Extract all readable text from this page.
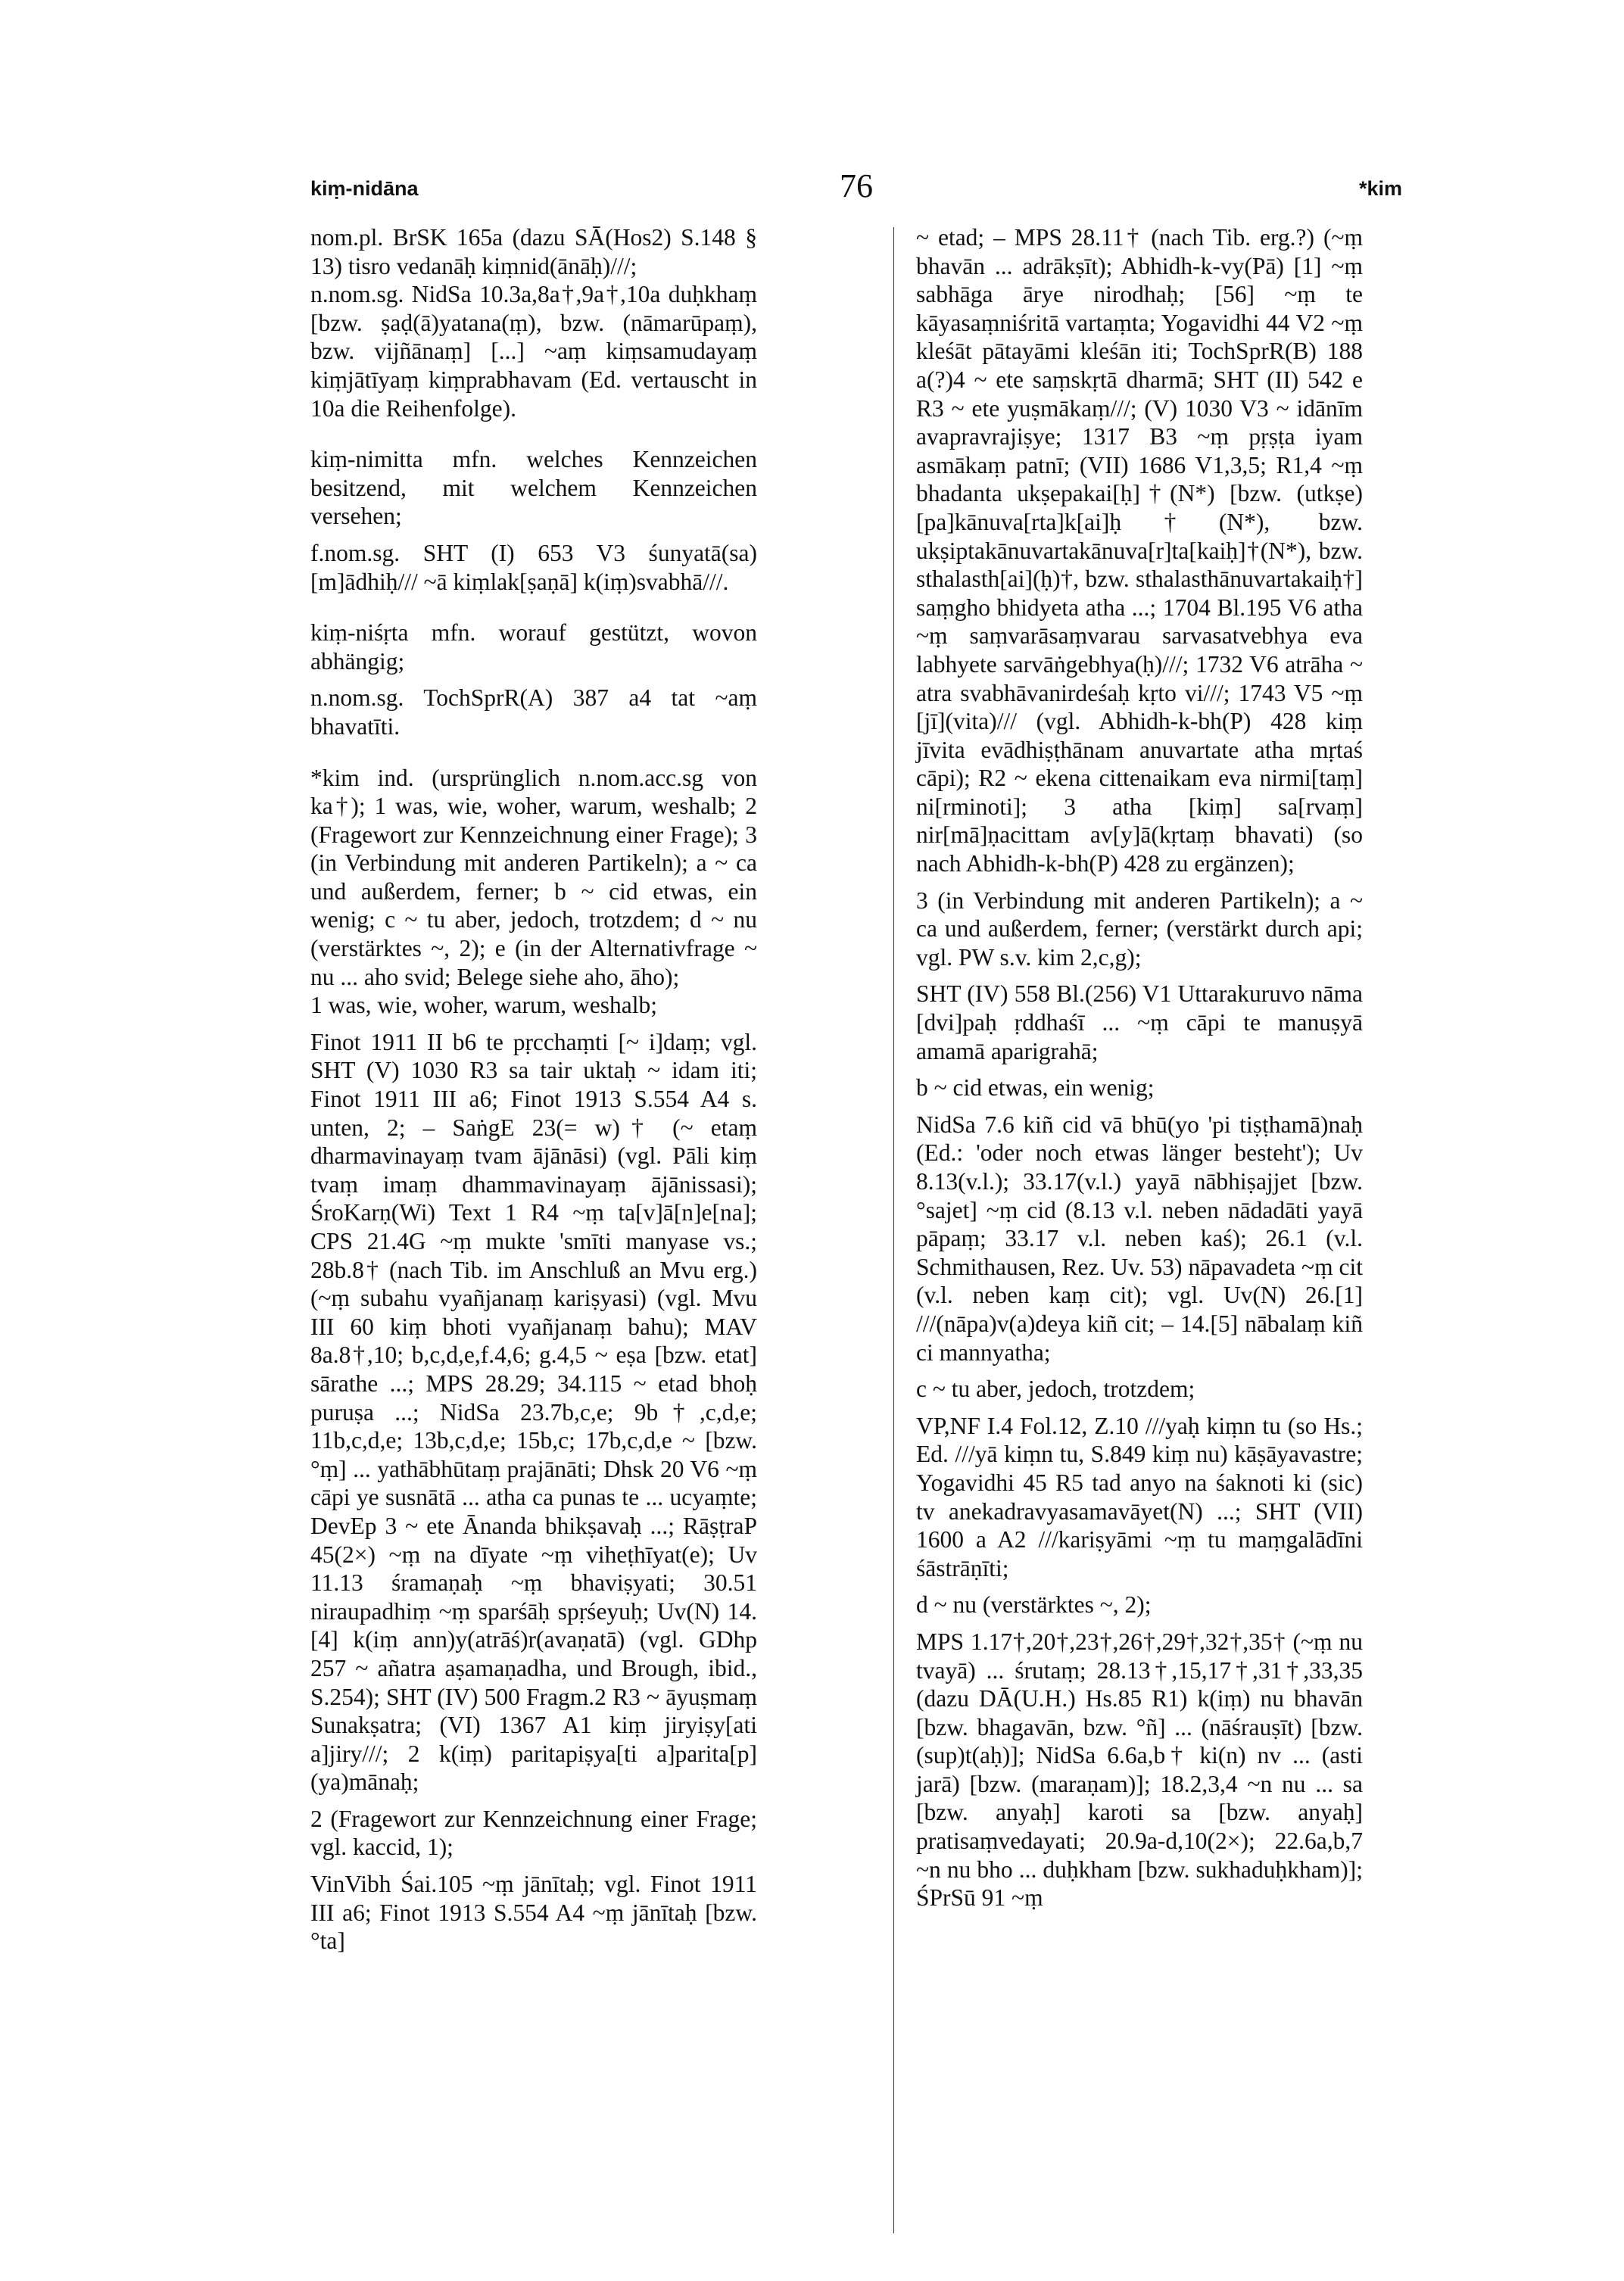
kiṃ-nidāna	76	*kim

nom.pl. BrSK 165a (dazu SĀ(Hos2) S.148 § 13) tisro vedanāḥ kiṃnid(ānāḥ)///;

n.nom.sg. NidSa 10.3a,8a†,9a†,10a duḥkhaṃ [bzw. ṣaḍ(ā)yatana(ṃ), bzw. (nāmarūpaṃ), bzw. vijñānaṃ] [...] ~aṃ kiṃsamudayaṃ kiṃjātīyaṃ kiṃprabhavam (Ed. vertauscht in 10a die Reihenfolge).

kiṃ-nimitta mfn. welches Kennzeichen besitzend, mit welchem Kennzeichen versehen;

f.nom.sg. SHT (I) 653 V3 śunyatā(sa)[m]ādhiḥ/// ~ā kiṃlak[ṣaṇā] k(iṃ)svabhā///.

kiṃ-niśṛta mfn. worauf gestützt, wovon abhängig;

n.nom.sg. TochSprR(A) 387 a4 tat ~aṃ bhavatīti.

*kim ind. (ursprünglich n.nom.acc.sg von ka†); 1 was, wie, woher, warum, weshalb; 2 (Fragewort zur Kennzeichnung einer Frage); 3 (in Verbindung mit anderen Partikeln); a ~ ca und außerdem, ferner; b ~ cid etwas, ein wenig; c ~ tu aber, jedoch, trotzdem; d ~ nu (verstärktes ~, 2); e (in der Alternativfrage ~ nu ... aho svid; Belege siehe aho, āho);

1 was, wie, woher, warum, weshalb;

Finot 1911 II b6 te pṛcchaṃti [~ i]daṃ; vgl. SHT (V) 1030 R3 sa tair uktaḥ ~ idam iti; Finot 1911 III a6; Finot 1913 S.554 A4 s. unten, 2; – SaṅgE 23(= w)† (~ etaṃ dharmavinayaṃ tvam ājānāsi) (vgl. Pāli kiṃ tvaṃ imaṃ dhammavinayaṃ ājānissasi); ŚroKarṇ(Wi) Text 1 R4 ~ṃ ta[v]ā[n]e[na]; CPS 21.4G ~ṃ mukte 'smīti manyase vs.; 28b.8† (nach Tib. im Anschluß an Mvu erg.) (~ṃ subahu vyañjanaṃ kariṣyasi) (vgl. Mvu III 60 kiṃ bhoti vyañjanaṃ bahu); MAV 8a.8†,10; b,c,d,e,f.4,6; g.4,5 ~ eṣa [bzw. etat] sārathe ...; MPS 28.29; 34.115 ~ etad bhoḥ puruṣa ...; NidSa 23.7b,c,e; 9b†,c,d,e; 11b,c,d,e; 13b,c,d,e; 15b,c; 17b,c,d,e ~ [bzw. °ṃ] ... yathābhūtaṃ prajānāti; Dhsk 20 V6 ~ṃ cāpi ye susnātā ... atha ca punas te ... ucyaṃte; DevEp 3 ~ ete Ānanda bhikṣavaḥ ...; RāṣṭraP 45(2×) ~ṃ na dīyate ~ṃ viheṭhīyat(e); Uv 11.13 śramaṇaḥ ~ṃ bhaviṣyati; 30.51 niraupadhiṃ ~ṃ sparśāḥ spṛśeyuḥ; Uv(N) 14.[4] k(iṃ ann)y(atrāś)r(avaṇatā) (vgl. GDhp 257 ~ añatra aṣamaṇadha, und Brough, ibid., S.254); SHT (IV) 500 Fragm.2 R3 ~ āyuṣmaṃ Sunakṣatra; (VI) 1367 A1 kiṃ jiryiṣy[ati a]jiry///; 2 k(iṃ) paritapiṣya[ti a]parita[p](ya)mānaḥ;

2 (Fragewort zur Kennzeichnung einer Frage; vgl. kaccid, 1);

VinVibh Śai.105 ~ṃ jānītaḥ; vgl. Finot 1911 III a6; Finot 1913 S.554 A4 ~ṃ jānītaḥ [bzw. °ta]

~ etad; – MPS 28.11† (nach Tib. erg.?) (~ṃ bhavān ... adrākṣīt); Abhidh-k-vy(Pā) [1] ~ṃ sabhāga ārye nirodhaḥ; [56] ~ṃ te kāyasaṃniśritā vartaṃta; Yogavidhi 44 V2 ~ṃ kleśāt pātayāmi kleśān iti; TochSprR(B) 188 a(?)4 ~ ete saṃskṛtā dharmā; SHT (II) 542 e R3 ~ ete yuṣmākaṃ///; (V) 1030 V3 ~ idānīm avapravrajiṣye; 1317 B3 ~ṃ pṛṣṭa iyam asmākaṃ patnī; (VII) 1686 V1,3,5; R1,4 ~ṃ bhadanta ukṣepakai[ḥ]†(N*) [bzw. (utkṣe)[pa]kānuva[rta]k[ai]ḥ†(N*), bzw. ukṣiptakānuvartakānuva[r]ta[kaiḥ]†(N*), bzw. sthalasth[ai](ḥ)†, bzw. sthalasthānuvartakaiḥ†] saṃgho bhidyeta atha ...; 1704 Bl.195 V6 atha ~ṃ saṃvarāsaṃvarau sarvasatvebhya eva labhyete sarvāṅgebhya(ḥ)///; 1732 V6 atrāha ~ atra svabhāvanirdeśaḥ kṛto vi///; 1743 V5 ~ṃ [jī](vita)/// (vgl. Abhidh-k-bh(P) 428 kiṃ jīvita evādhiṣṭhānam anuvartate atha mṛtaś cāpi); R2 ~ ekena cittenaikam eva nirmi[taṃ] ni[rminoti]; 3 atha [kiṃ] sa[rvaṃ] nir[mā]ṇacittam av[y]ā(kṛtaṃ bhavati) (so nach Abhidh-k-bh(P) 428 zu ergänzen);

3 (in Verbindung mit anderen Partikeln); a ~ ca und außerdem, ferner; (verstärkt durch api; vgl. PW s.v. kim 2,c,g);

SHT (IV) 558 Bl.(256) V1 Uttarakuruvo nāma [dvi]paḥ ṛddhaśī ... ~ṃ cāpi te manuṣyā amamā aparigrahā;

b ~ cid etwas, ein wenig;

NidSa 7.6 kiñ cid vā bhū(yo 'pi tiṣṭhamā)naḥ (Ed.: 'oder noch etwas länger besteht'); Uv 8.13(v.l.); 33.17(v.l.) yayā nābhiṣajjet [bzw. °sajet] ~ṃ cid (8.13 v.l. neben nādadāti yayā pāpaṃ; 33.17 v.l. neben kaś); 26.1 (v.l. Schmithausen, Rez. Uv. 53) nāpavadeta ~ṃ cit (v.l. neben kaṃ cit); vgl. Uv(N) 26.[1] ///(nāpa)v(a)deya kiñ cit; – 14.[5] nābalaṃ kiñ ci mannyatha;

c ~ tu aber, jedoch, trotzdem;

VP,NF I.4 Fol.12, Z.10 ///yaḥ kiṃn tu (so Hs.; Ed. ///yā kiṃn tu, S.849 kiṃ nu) kāṣāyavastre; Yogavidhi 45 R5 tad anyo na śaknoti ki (sic) tv anekadravyasamavāyet(N) ...; SHT (VII) 1600 a A2 ///kariṣyāmi ~ṃ tu maṃgalādīni śāstrāṇīti;

d ~ nu (verstärktes ~, 2);

MPS 1.17†,20†,23†,26†,29†,32†,35† (~ṃ nu tvayā) ... śrutaṃ; 28.13†,15,17†,31†,33,35 (dazu DĀ(U.H.) Hs.85 R1) k(iṃ) nu bhavān [bzw. bhagavān, bzw. °ñ] ... (nāśrauṣīt) [bzw. (sup)t(aḥ)]; NidSa 6.6a,b† ki(n) nv ... (asti jarā) [bzw. (maraṇam)]; 18.2,3,4 ~n nu ... sa [bzw. anyaḥ] karoti sa [bzw. anyaḥ] pratisaṃvedayati; 20.9a-d,10(2×); 22.6a,b,7 ~n nu bho ... duḥkham [bzw. sukhaduḥkham)]; ŚPrSū 91 ~ṃ
